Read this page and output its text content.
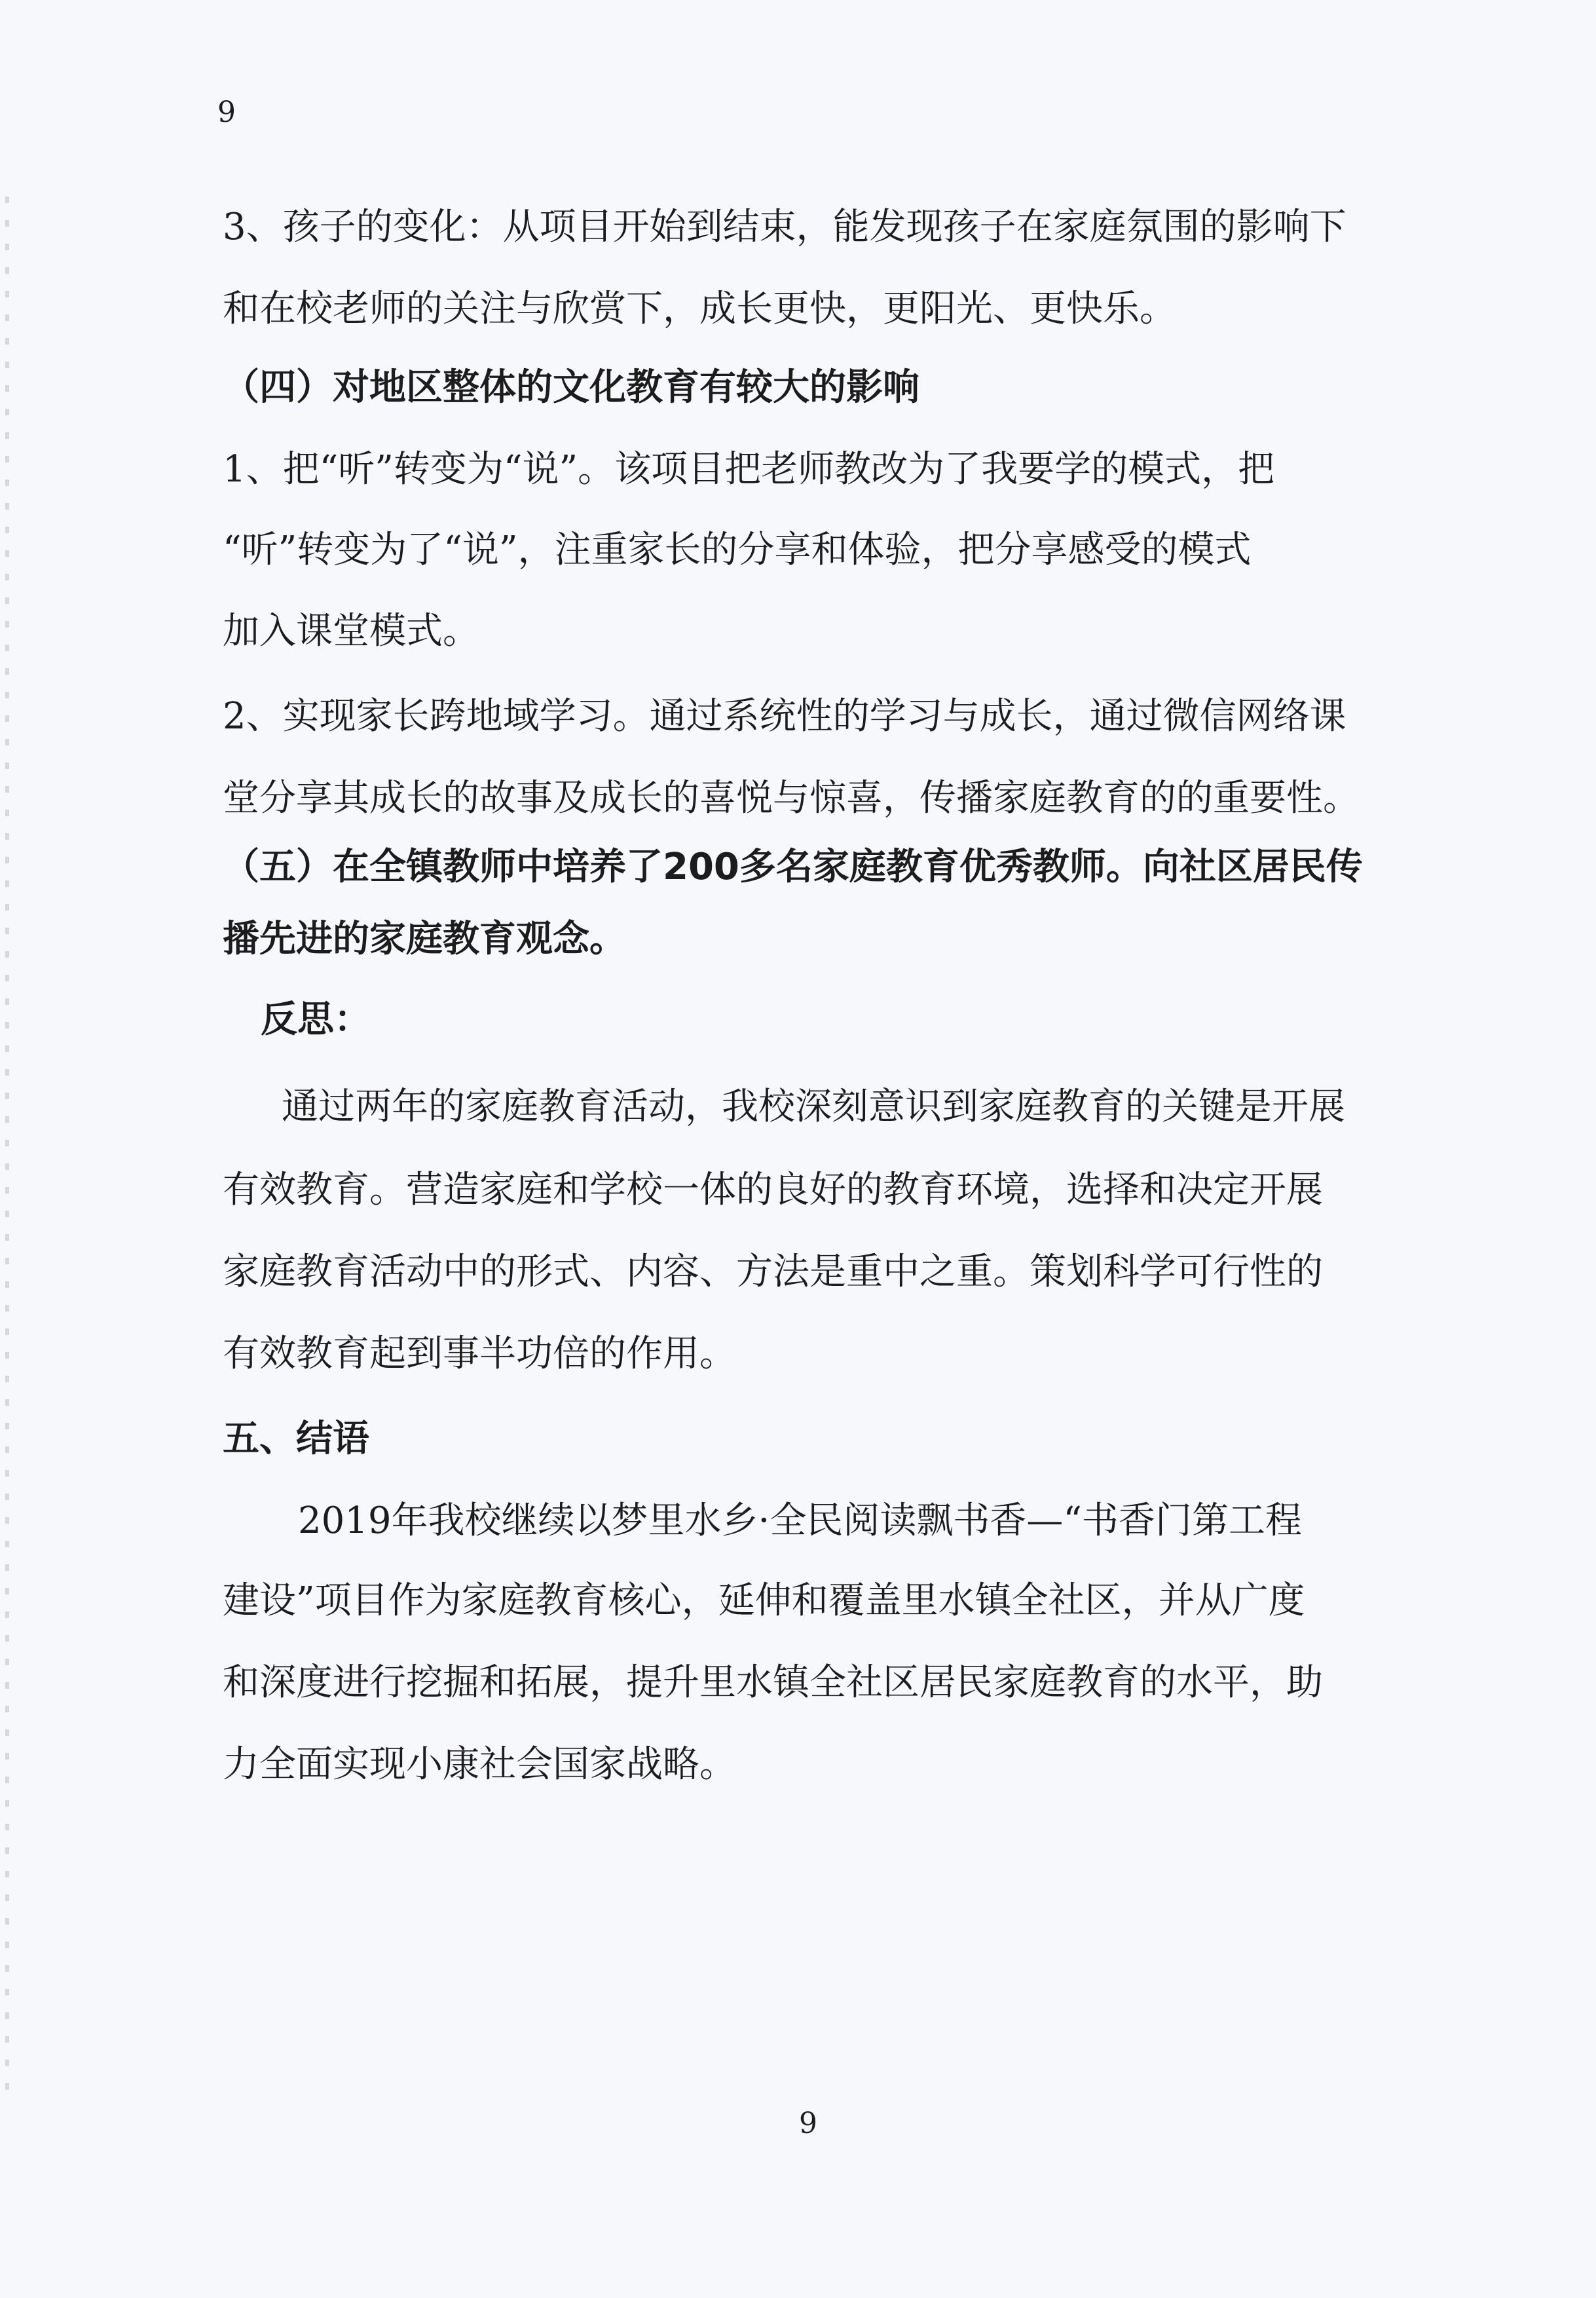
9
3、孩子的变化：从项目开始到结束，能发现孩子在家庭氛围的影响下
和在校老师的关注与欣赏下，成长更快，更阳光、更快乐。
（四）对地区整体的文化教育有较大的影响
1、把“听”转变为“说”。该项目把老师教改为了我要学的模式，把
“听”转变为了“说”，注重家长的分享和体验，把分享感受的模式
加入课堂模式。
2、实现家长跨地域学习。通过系统性的学习与成长，通过微信网络课
堂分享其成长的故事及成长的喜悦与惊喜，传播家庭教育的的重要性。
（五）在全镇教师中培养了200多名家庭教育优秀教师。向社区居民传
播先进的家庭教育观念。
反思：
通过两年的家庭教育活动，我校深刻意识到家庭教育的关键是开展
有效教育。营造家庭和学校一体的良好的教育环境，选择和决定开展
家庭教育活动中的形式、内容、方法是重中之重。策划科学可行性的
有效教育起到事半功倍的作用。
五、结语
2019年我校继续以梦里水乡·全民阅读飘书香—“书香门第工程
建设”项目作为家庭教育核心，延伸和覆盖里水镇全社区，并从广度
和深度进行挖掘和拓展，提升里水镇全社区居民家庭教育的水平，助
力全面实现小康社会国家战略。
9
